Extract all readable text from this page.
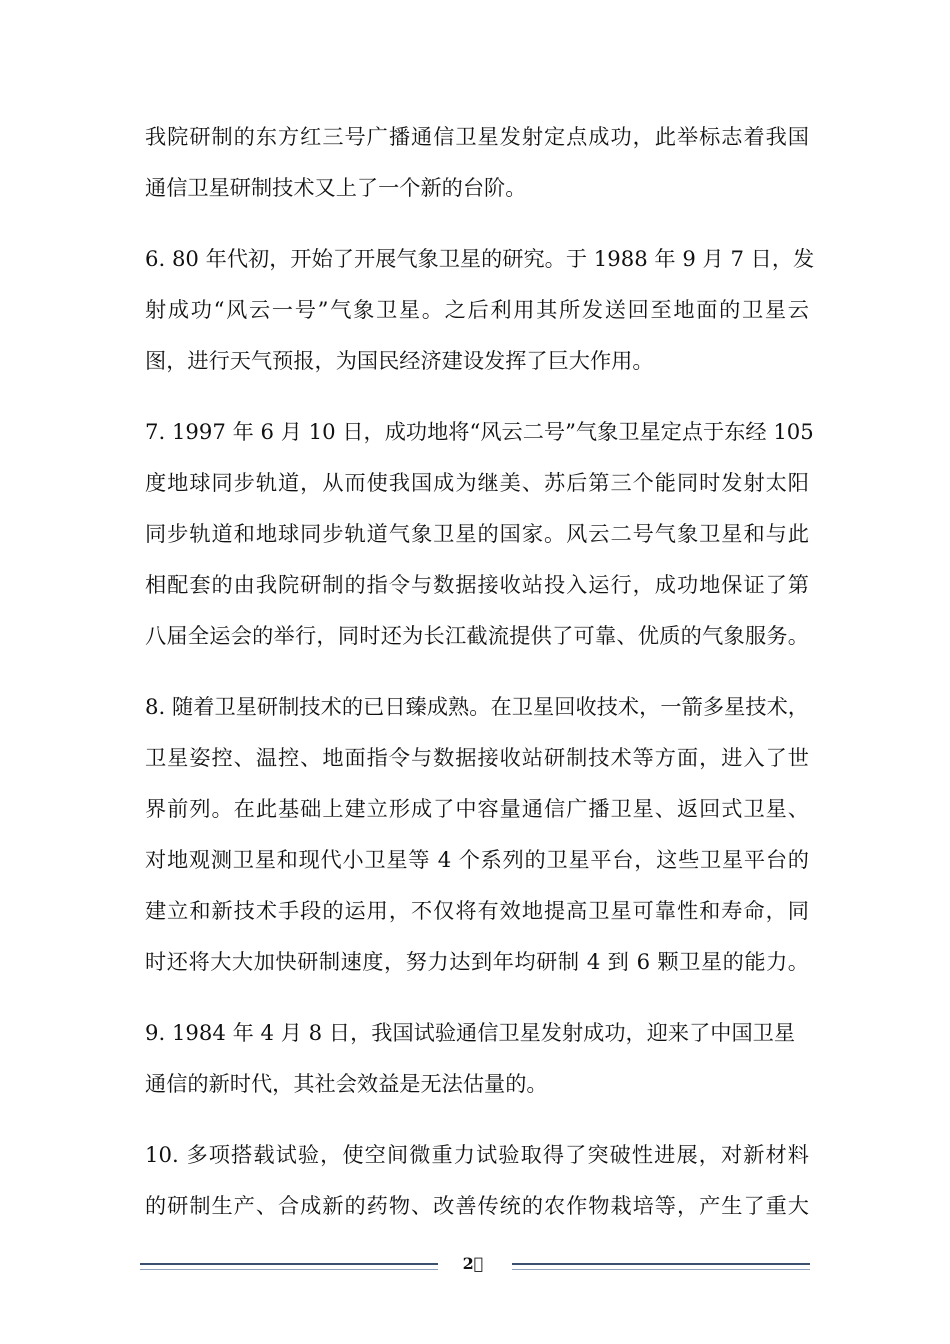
我院研制的东方红三号广播通信卫星发射定点成功，此举标志着我国
通信卫星研制技术又上了一个新的台阶。

6. 80 年代初，开始了开展气象卫星的研究。于 1988 年 9 月 7 日，发
射成功“风云一号”气象卫星。之后利用其所发送回至地面的卫星云
图，进行天气预报，为国民经济建设发挥了巨大作用。

7. 1997 年 6 月 10 日，成功地将“风云二号”气象卫星定点于东经 105
度地球同步轨道，从而使我国成为继美、苏后第三个能同时发射太阳
同步轨道和地球同步轨道气象卫星的国家。风云二号气象卫星和与此
相配套的由我院研制的指令与数据接收站投入运行，成功地保证了第
八届全运会的举行，同时还为长江截流提供了可靠、优质的气象服务。

8. 随着卫星研制技术的已日臻成熟。在卫星回收技术，一箭多星技术，
卫星姿控、温控、地面指令与数据接收站研制技术等方面，进入了世
界前列。在此基础上建立形成了中容量通信广播卫星、返回式卫星、
对地观测卫星和现代小卫星等 4 个系列的卫星平台，这些卫星平台的
建立和新技术手段的运用，不仅将有效地提高卫星可靠性和寿命，同
时还将大大加快研制速度，努力达到年均研制 4 到 6 颗卫星的能力。

9. 1984 年 4 月 8 日，我国试验通信卫星发射成功，迎来了中国卫星
通信的新时代，其社会效益是无法估量的。

10. 多项搭载试验，使空间微重力试验取得了突破性进展，对新材料
的研制生产、合成新的药物、改善传统的农作物栽培等，产生了重大

2 
